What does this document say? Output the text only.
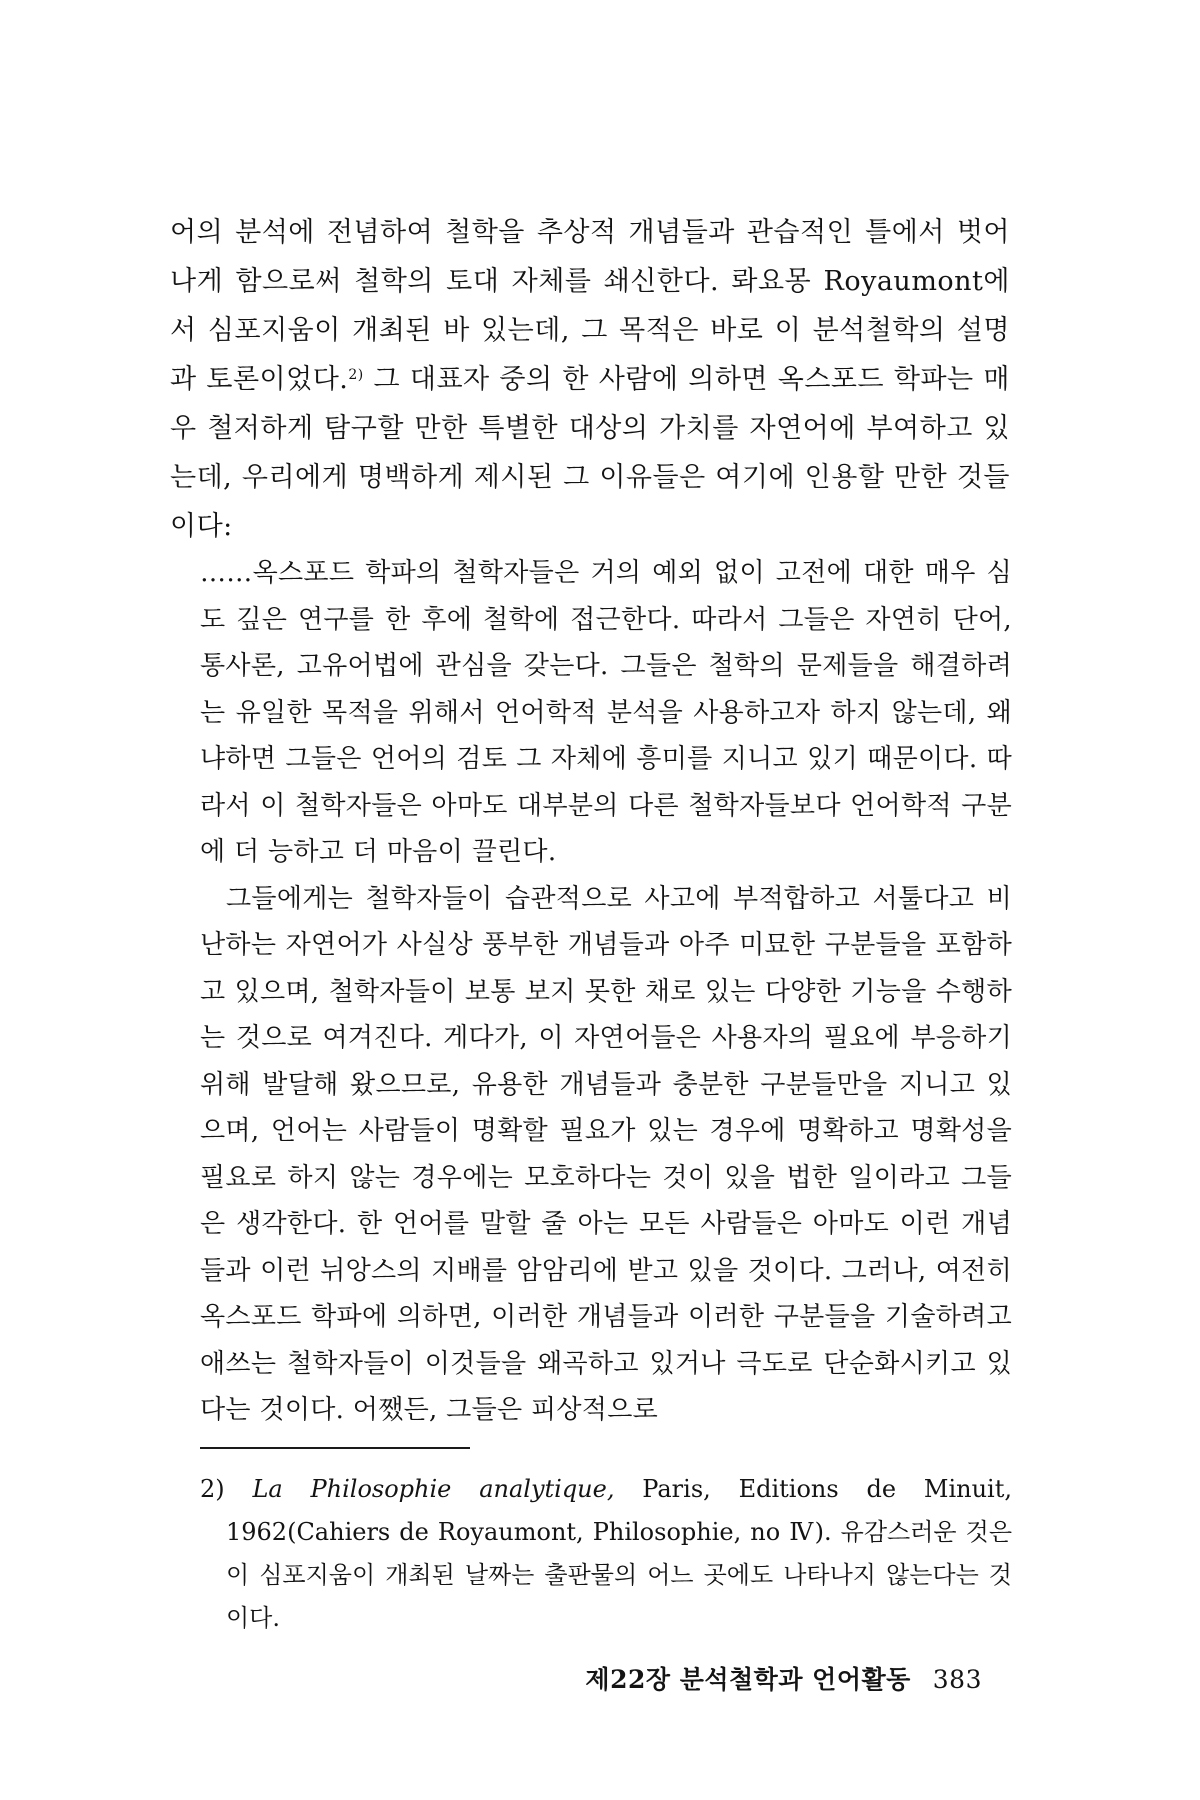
어의 분석에 전념하여 철학을 추상적 개념들과 관습적인 틀에서 벗어나게 함으로써 철학의 토대 자체를 쇄신한다. 롸요몽 Royaumont에서 심포지움이 개최된 바 있는데, 그 목적은 바로 이 분석철학의 설명과 토론이었다.$^{2)}$ 그 대표자 중의 한 사람에 의하면 옥스포드 학파는 매우 철저하게 탐구할 만한 특별한 대상의 가치를 자연어에 부여하고 있는데, 우리에게 명백하게 제시된 그 이유들은 여기에 인용할 만한 것들이다:

……옥스포드 학파의 철학자들은 거의 예외 없이 고전에 대한 매우 심도 깊은 연구를 한 후에 철학에 접근한다. 따라서 그들은 자연히 단어, 통사론, 고유어법에 관심을 갖는다. 그들은 철학의 문제들을 해결하려는 유일한 목적을 위해서 언어학적 분석을 사용하고자 하지 않는데, 왜냐하면 그들은 언어의 검토 그 자체에 흥미를 지니고 있기 때문이다. 따라서 이 철학자들은 아마도 대부분의 다른 철학자들보다 언어학적 구분에 더 능하고 더 마음이 끌린다.

그들에게는 철학자들이 습관적으로 사고에 부적합하고 서툴다고 비난하는 자연어가 사실상 풍부한 개념들과 아주 미묘한 구분들을 포함하고 있으며, 철학자들이 보통 보지 못한 채로 있는 다양한 기능을 수행하는 것으로 여겨진다. 게다가, 이 자연어들은 사용자의 필요에 부응하기 위해 발달해 왔으므로, 유용한 개념들과 충분한 구분들만을 지니고 있으며, 언어는 사람들이 명확할 필요가 있는 경우에 명확하고 명확성을 필요로 하지 않는 경우에는 모호하다는 것이 있을 법한 일이라고 그들은 생각한다. 한 언어를 말할 줄 아는 모든 사람들은 아마도 이런 개념들과 이런 뉘앙스의 지배를 암암리에 받고 있을 것이다. 그러나, 여전히 옥스포드 학파에 의하면, 이러한 개념들과 이러한 구분들을 기술하려고 애쓰는 철학자들이 이것들을 왜곡하고 있거나 극도로 단순화시키고 있다는 것이다. 어쨌든, 그들은 피상적으로

2) La Philosophie analytique, Paris, Editions de Minuit, 1962(Cahiers de Royaumont, Philosophie, no Ⅳ). 유감스러운 것은 이 심포지움이 개최된 날짜는 출판물의 어느 곳에도 나타나지 않는다는 것이다.
제22장 분석철학과 언어활동 383
